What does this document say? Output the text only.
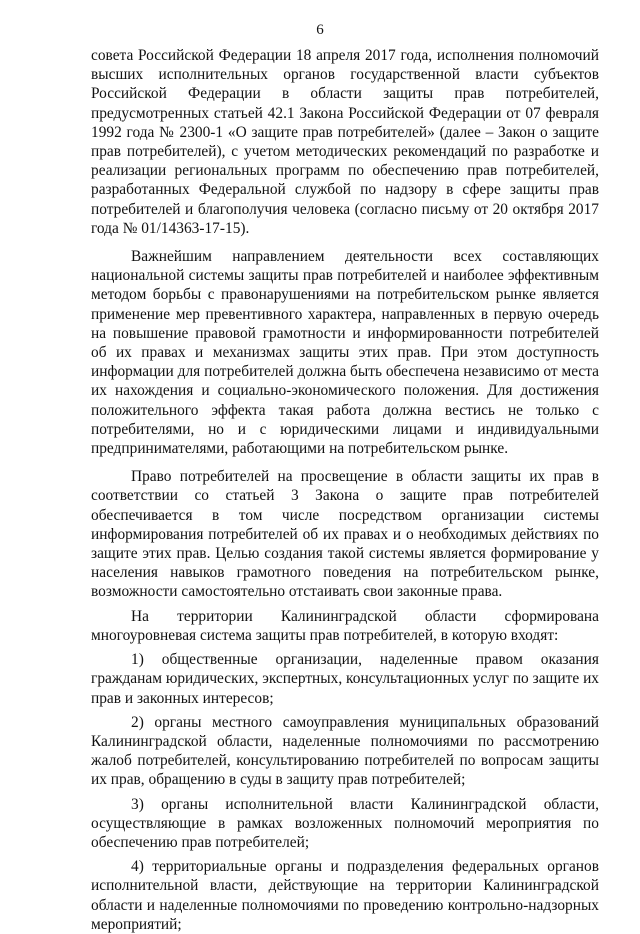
6

совета Российской Федерации 18 апреля 2017 года, исполнения полномочий высших исполнительных органов государственной власти субъектов Российской Федерации в области защиты прав потребителей, предусмотренных статьей 42.1 Закона Российской Федерации от 07 февраля 1992 года № 2300-1 «О защите прав потребителей» (далее – Закон о защите прав потребителей), с учетом методических рекомендаций по разработке и реализации региональных программ по обеспечению прав потребителей, разработанных Федеральной службой по надзору в сфере защиты прав потребителей и благополучия человека (согласно письму от 20 октября 2017 года № 01/14363-17-15).

Важнейшим направлением деятельности всех составляющих национальной системы защиты прав потребителей и наиболее эффективным методом борьбы с правонарушениями на потребительском рынке является применение мер превентивного характера, направленных в первую очередь на повышение правовой грамотности и информированности потребителей об их правах и механизмах защиты этих прав. При этом доступность информации для потребителей должна быть обеспечена независимо от места их нахождения и социально-экономического положения. Для достижения положительного эффекта такая работа должна вестись не только с потребителями, но и с юридическими лицами и индивидуальными предпринимателями, работающими на потребительском рынке.

Право потребителей на просвещение в области защиты их прав в соответствии со статьей 3 Закона о защите прав потребителей обеспечивается в том числе посредством организации системы информирования потребителей об их правах и о необходимых действиях по защите этих прав. Целью создания такой системы является формирование у населения навыков грамотного поведения на потребительском рынке, возможности самостоятельно отстаивать свои законные права.

На территории Калининградской области сформирована многоуровневая система защиты прав потребителей, в которую входят:

1) общественные организации, наделенные правом оказания гражданам юридических, экспертных, консультационных услуг по защите их прав и законных интересов;

2) органы местного самоуправления муниципальных образований Калининградской области, наделенные полномочиями по рассмотрению жалоб потребителей, консультированию потребителей по вопросам защиты их прав, обращению в суды в защиту прав потребителей;

3) органы исполнительной власти Калининградской области, осуществляющие в рамках возложенных полномочий мероприятия по обеспечению прав потребителей;

4) территориальные органы и подразделения федеральных органов исполнительной власти, действующие на территории Калининградской области и наделенные полномочиями по проведению контрольно-надзорных мероприятий;
